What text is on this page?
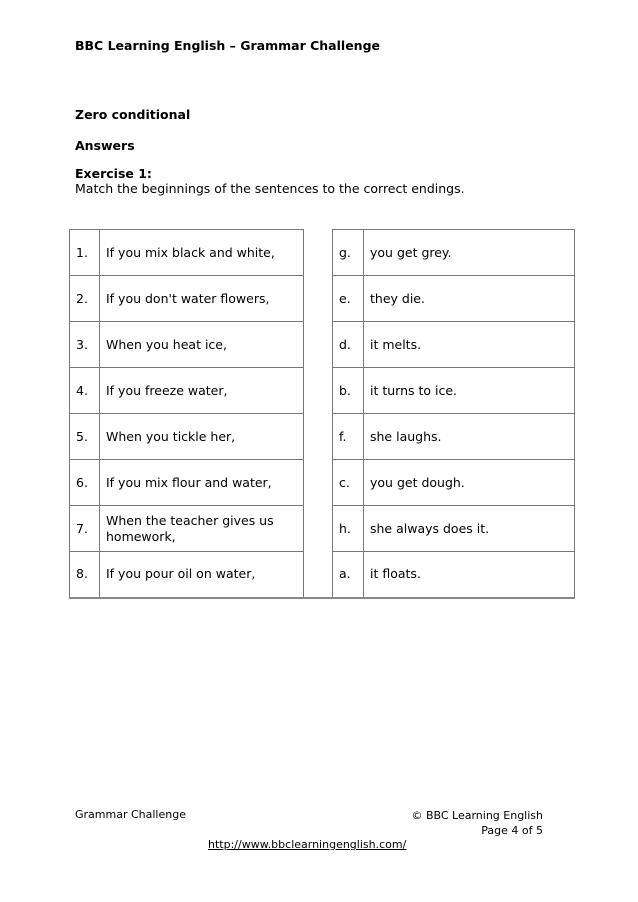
BBC Learning English – Grammar Challenge
Zero conditional
Answers
Exercise 1:
Match the beginnings of the sentences to the correct endings.
1.	If you mix black and white,		g.	you get grey.
2.	If you don't water flowers,		e.	they die.
3.	When you heat ice,		d.	it melts.
4.	If you freeze water,		b.	it turns to ice.
5.	When you tickle her,		f.	she laughs.
6.	If you mix flour and water,		c.	you get dough.
7.	When the teacher gives us homework,		h.	she always does it.
8.	If you pour oil on water,		a.	it floats.
Grammar Challenge	© BBC Learning English
Page 4 of 5
http://www.bbclearningenglish.com/
